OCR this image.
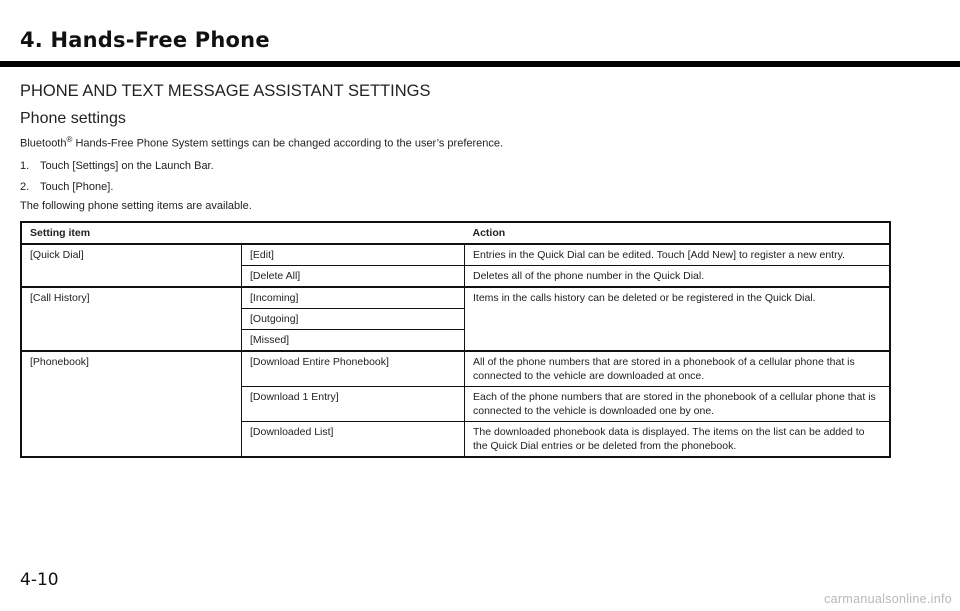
4. Hands-Free Phone
PHONE AND TEXT MESSAGE ASSISTANT SETTINGS
Phone settings

Bluetooth® Hands-Free Phone System settings can be changed according to the user’s preference.

1. Touch [Settings] on the Launch Bar.

2. Touch [Phone].

The following phone setting items are available.

Setting item		Action
[Quick Dial]	[Edit]	Entries in the Quick Dial can be edited. Touch [Add New] to register a new entry.
	[Delete All]	Deletes all of the phone number in the Quick Dial.
[Call History]	[Incoming]	Items in the calls history can be deleted or be registered in the Quick Dial.
	[Outgoing]	
	[Missed]	
[Phonebook]	[Download Entire Phonebook]	All of the phone numbers that are stored in a phonebook of a cellular phone that is connected to the vehicle are downloaded at once.
	[Download 1 Entry]	Each of the phone numbers that are stored in the phonebook of a cellular phone that is connected to the vehicle is downloaded one by one.
	[Downloaded List]	The downloaded phonebook data is displayed. The items on the list can be added to the Quick Dial entries or be deleted from the phonebook.

4-10

carmanualsonline.info
